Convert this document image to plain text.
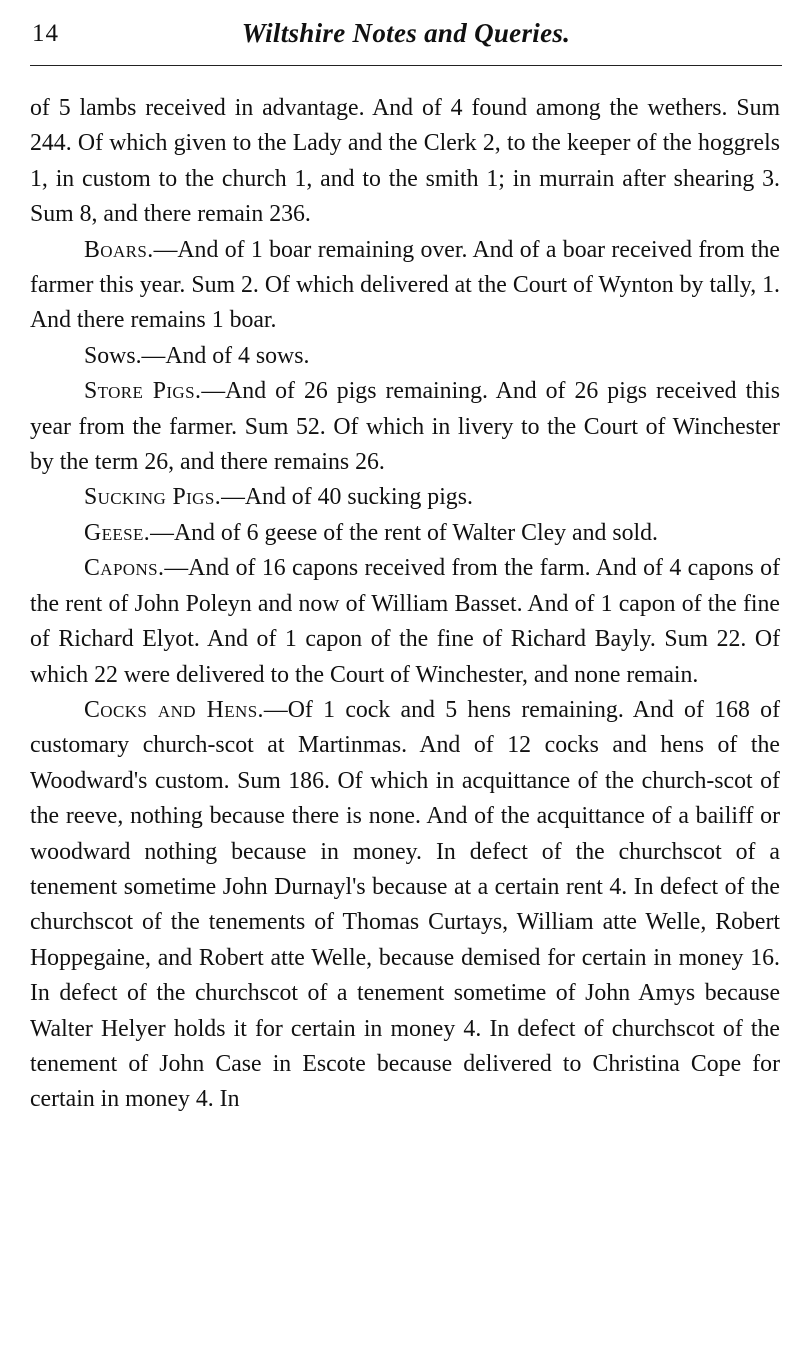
14	Wiltshire Notes and Queries.

of 5 lambs received in advantage. And of 4 found among the wethers. Sum 244. Of which given to the Lady and the Clerk 2, to the keeper of the hoggrels 1, in custom to the church 1, and to the smith 1; in murrain after shearing 3. Sum 8, and there remain 236.

Boars.—And of 1 boar remaining over. And of a boar received from the farmer this year. Sum 2. Of which delivered at the Court of Wynton by tally, 1. And there remains 1 boar.

Sows.—And of 4 sows.

Store Pigs.—And of 26 pigs remaining. And of 26 pigs received this year from the farmer. Sum 52. Of which in livery to the Court of Winchester by the term 26, and there remains 26.

Sucking Pigs.—And of 40 sucking pigs.

Geese.—And of 6 geese of the rent of Walter Cley and sold.

Capons.—And of 16 capons received from the farm. And of 4 capons of the rent of John Poleyn and now of William Basset. And of 1 capon of the fine of Richard Elyot. And of 1 capon of the fine of Richard Bayly. Sum 22. Of which 22 were delivered to the Court of Winchester, and none remain.

Cocks and Hens.—Of 1 cock and 5 hens remaining. And of 168 of customary church-scot at Martinmas. And of 12 cocks and hens of the Woodward's custom. Sum 186. Of which in acquittance of the church-scot of the reeve, nothing because there is none. And of the acquittance of a bailiff or woodward nothing because in money. In defect of the churchscot of a tenement sometime John Durnayl's because at a certain rent 4. In defect of the churchscot of the tenements of Thomas Curtays, William atte Welle, Robert Hoppegaine, and Robert atte Welle, because demised for certain in money 16. In defect of the churchscot of a tenement sometime of John Amys because Walter Helyer holds it for certain in money 4. In defect of churchscot of the tenement of John Case in Escote because delivered to Christina Cope for certain in money 4. In
